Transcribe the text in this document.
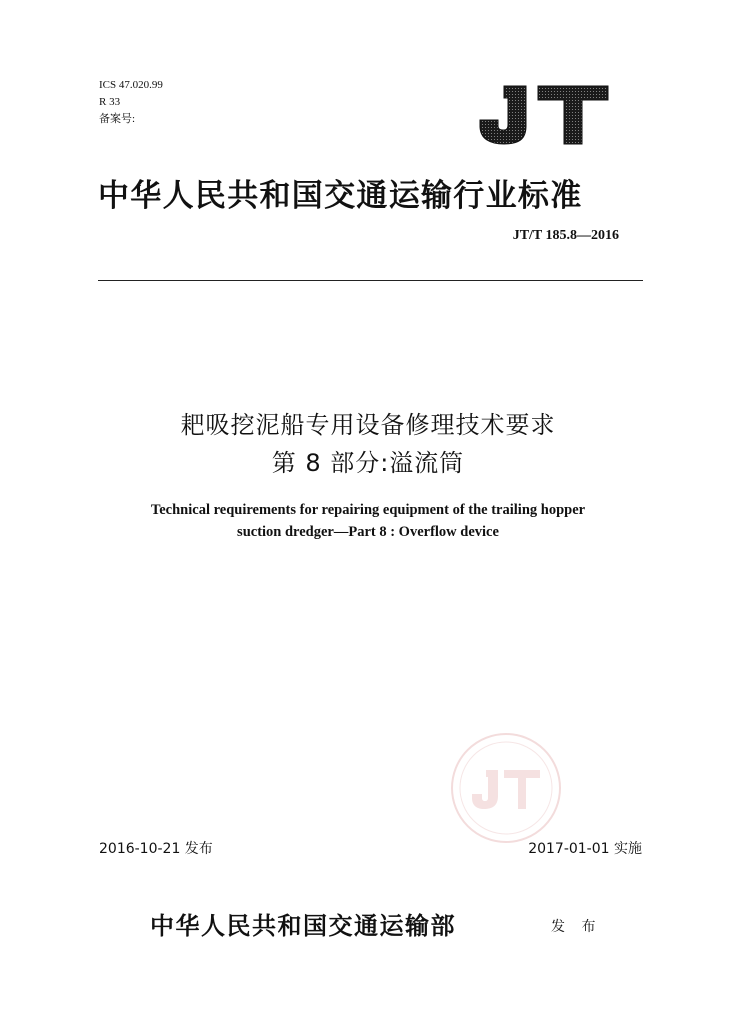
ICS 47.020.99
R 33
备案号:
中华人民共和国交通运输行业标准
JT/T 185.8—2016
耙吸挖泥船专用设备修理技术要求
第 8 部分:溢流筒
Technical requirements for repairing equipment of the trailing hopper
suction dredger—Part 8 : Overflow device
2016-10-21 发布	2017-01-01 实施
中华人民共和国交通运输部	发 布
